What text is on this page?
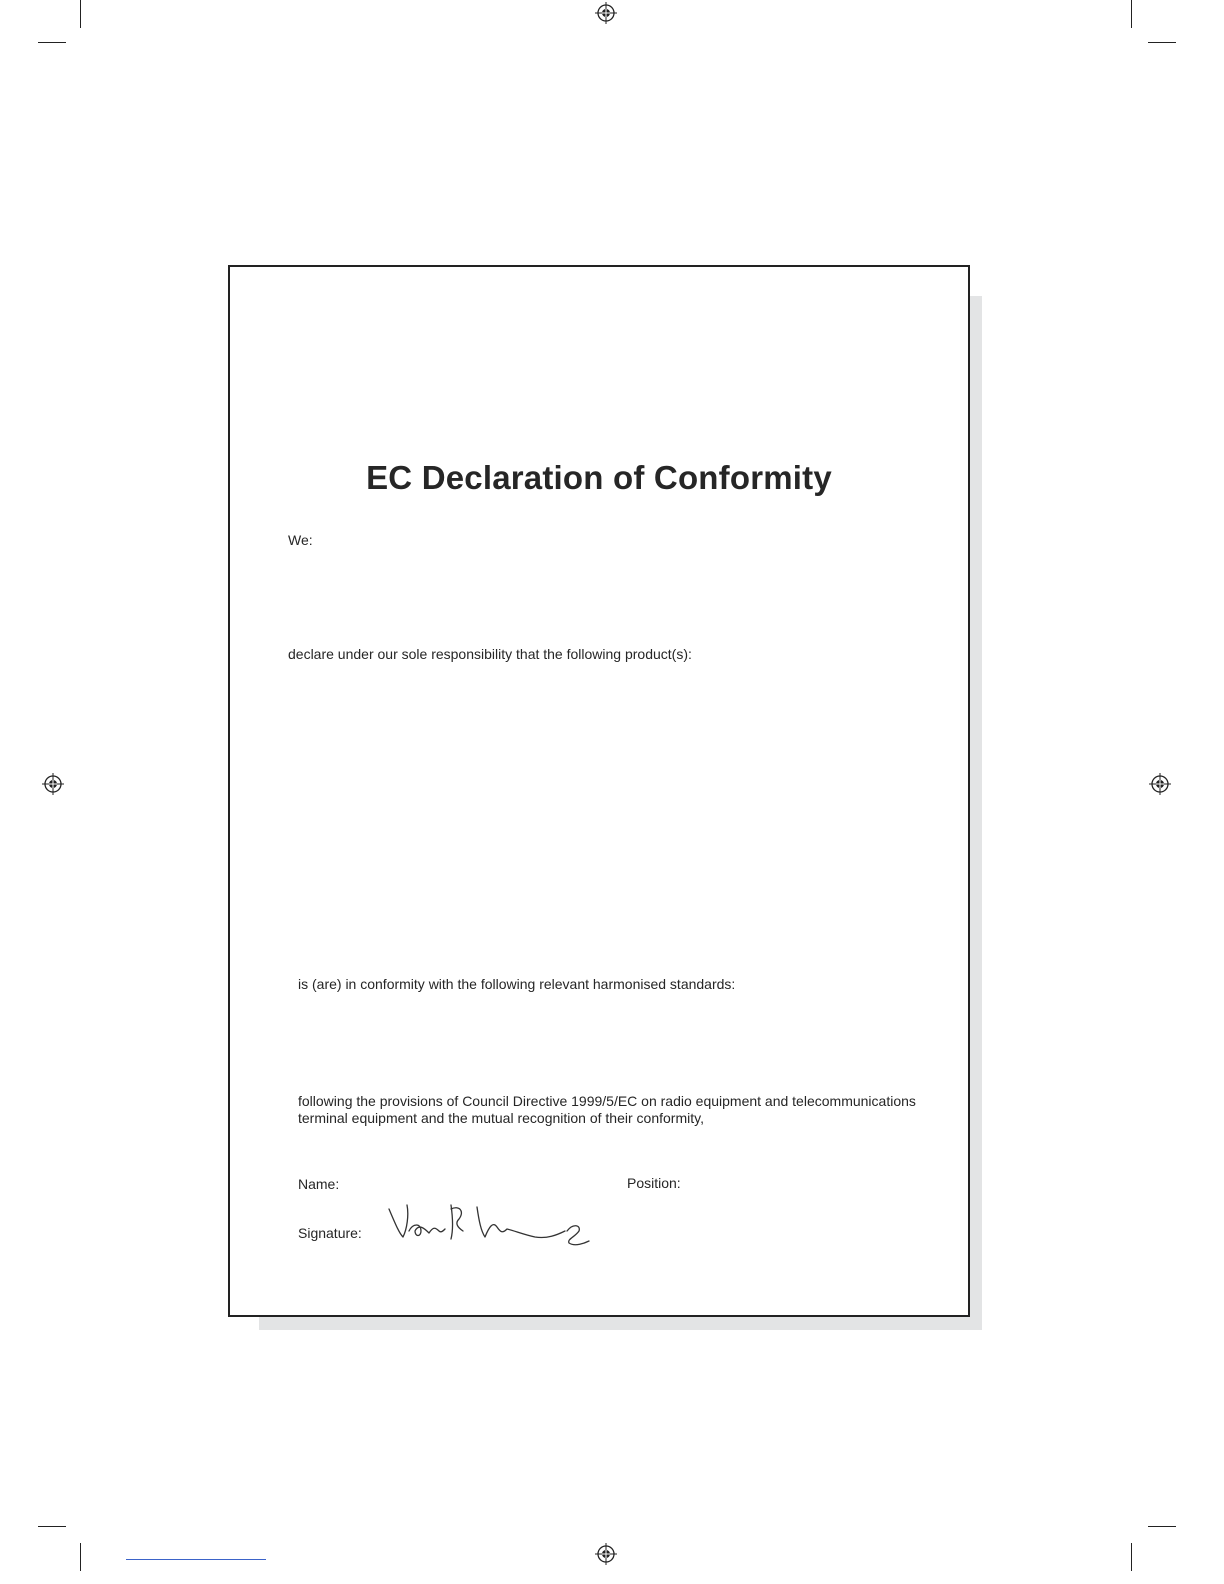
EC Declaration of Conformity
We:
declare under our sole responsibility that the following product(s):
is (are) in conformity with the following relevant harmonised standards:
following the provisions of Council Directive 1999/5/EC on radio equipment and telecommunications
terminal equipment and the mutual recognition of their conformity,
Name:	Position:
Signature:
